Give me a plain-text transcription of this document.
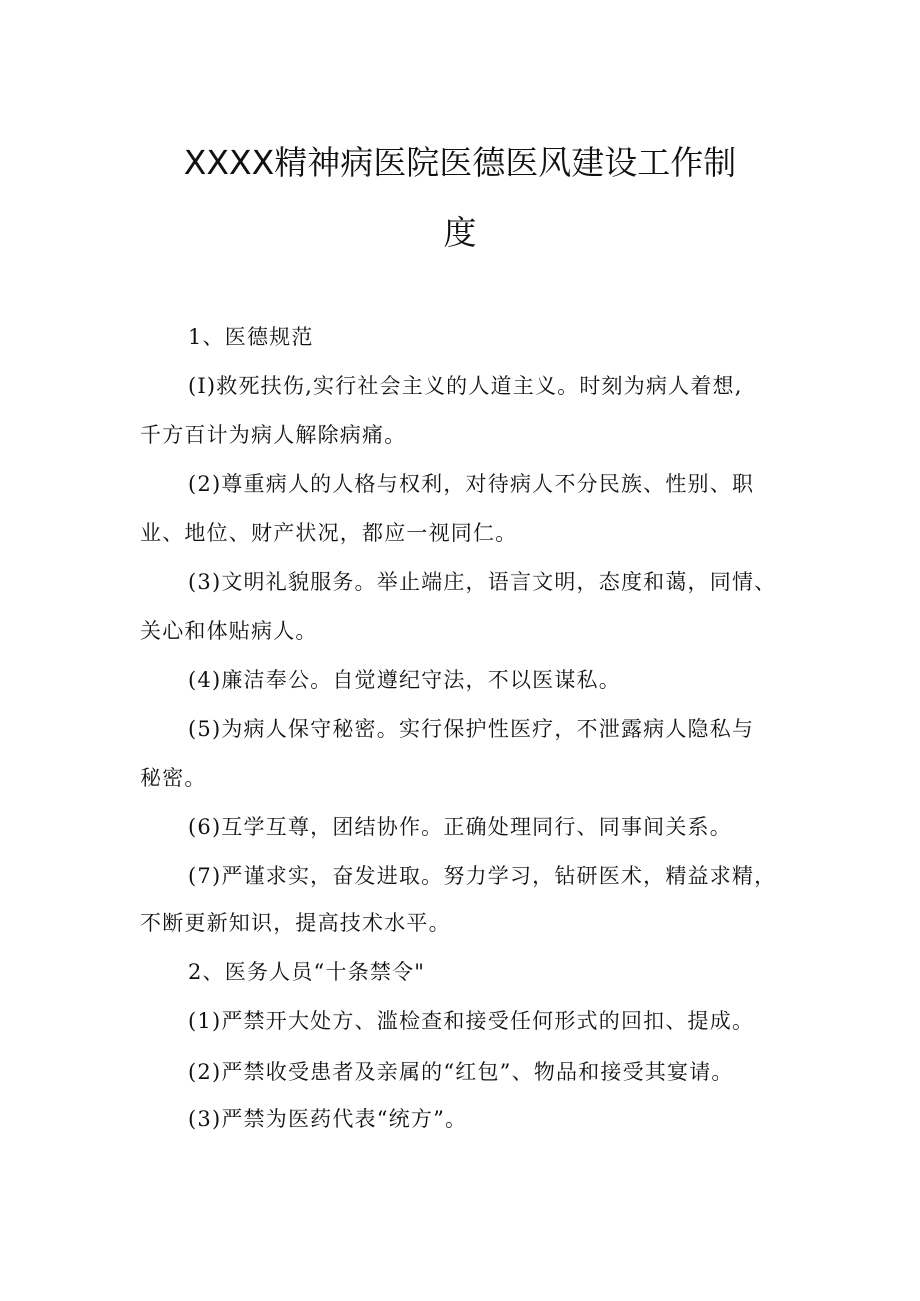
XXXX精神病医院医德医风建设工作制
度
1、医德规范
(I)救死扶伤,实行社会主义的人道主义。时刻为病人着想,
千方百计为病人解除病痛。
(2)尊重病人的人格与权利，对待病人不分民族、性别、职
业、地位、财产状况，都应一视同仁。
(3)文明礼貌服务。举止端庄，语言文明，态度和蔼，同情、
关心和体贴病人。
(4)廉洁奉公。自觉遵纪守法，不以医谋私。
(5)为病人保守秘密。实行保护性医疗，不泄露病人隐私与
秘密。
(6)互学互尊，团结协作。正确处理同行、同事间关系。
(7)严谨求实，奋发进取。努力学习，钻研医术，精益求精，
不断更新知识，提高技术水平。
2、医务人员“十条禁令"
(1)严禁开大处方、滥检查和接受任何形式的回扣、提成。
(2)严禁收受患者及亲属的“红包”、物品和接受其宴请。
(3)严禁为医药代表“统方”。
